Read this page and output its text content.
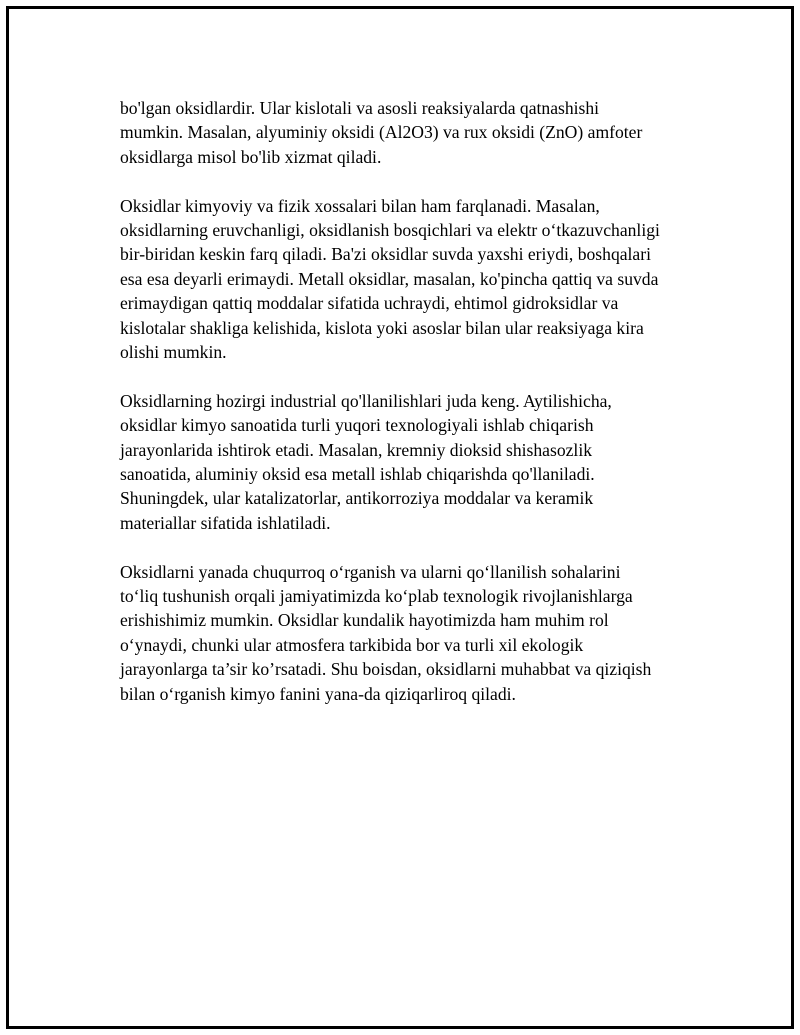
bo'lgan oksidlardir. Ular kislotali va asosli reaksiyalarda qatnashishi
mumkin. Masalan, alyuminiy oksidi (Al2O3) va rux oksidi (ZnO) amfoter
oksidlarga misol bo'lib xizmat qiladi.

Oksidlar kimyoviy va fizik xossalari bilan ham farqlanadi. Masalan,
oksidlarning eruvchanligi, oksidlanish bosqichlari va elektr o‘tkazuvchanligi
bir-biridan keskin farq qiladi. Ba'zi oksidlar suvda yaxshi eriydi, boshqalari
esa esa deyarli erimaydi. Metall oksidlar, masalan, ko'pincha qattiq va suvda
erimaydigan qattiq moddalar sifatida uchraydi, ehtimol gidroksidlar va
kislotalar shakliga kelishida, kislota yoki asoslar bilan ular reaksiyaga kira
olishi mumkin.

Oksidlarning hozirgi industrial qo'llanilishlari juda keng. Aytilishicha,
oksidlar kimyo sanoatida turli yuqori texnologiyali ishlab chiqarish
jarayonlarida ishtirok etadi. Masalan, kremniy dioksid shishasozlik
sanoatida, aluminiy oksid esa metall ishlab chiqarishda qo'llaniladi.
Shuningdek, ular katalizatorlar, antikorroziya moddalar va keramik
materiallar sifatida ishlatiladi.

Oksidlarni yanada chuqurroq o‘rganish va ularni qo‘llanilish sohalarini
to‘liq tushunish orqali jamiyatimizda ko‘plab texnologik rivojlanishlarga
erishishimiz mumkin. Oksidlar kundalik hayotimizda ham muhim rol
o‘ynaydi, chunki ular atmosfera tarkibida bor va turli xil ekologik
jarayonlarga ta’sir ko’rsatadi. Shu boisdan, oksidlarni muhabbat va qiziqish
bilan o‘rganish kimyo fanini yana-da qiziqarliroq qiladi.
